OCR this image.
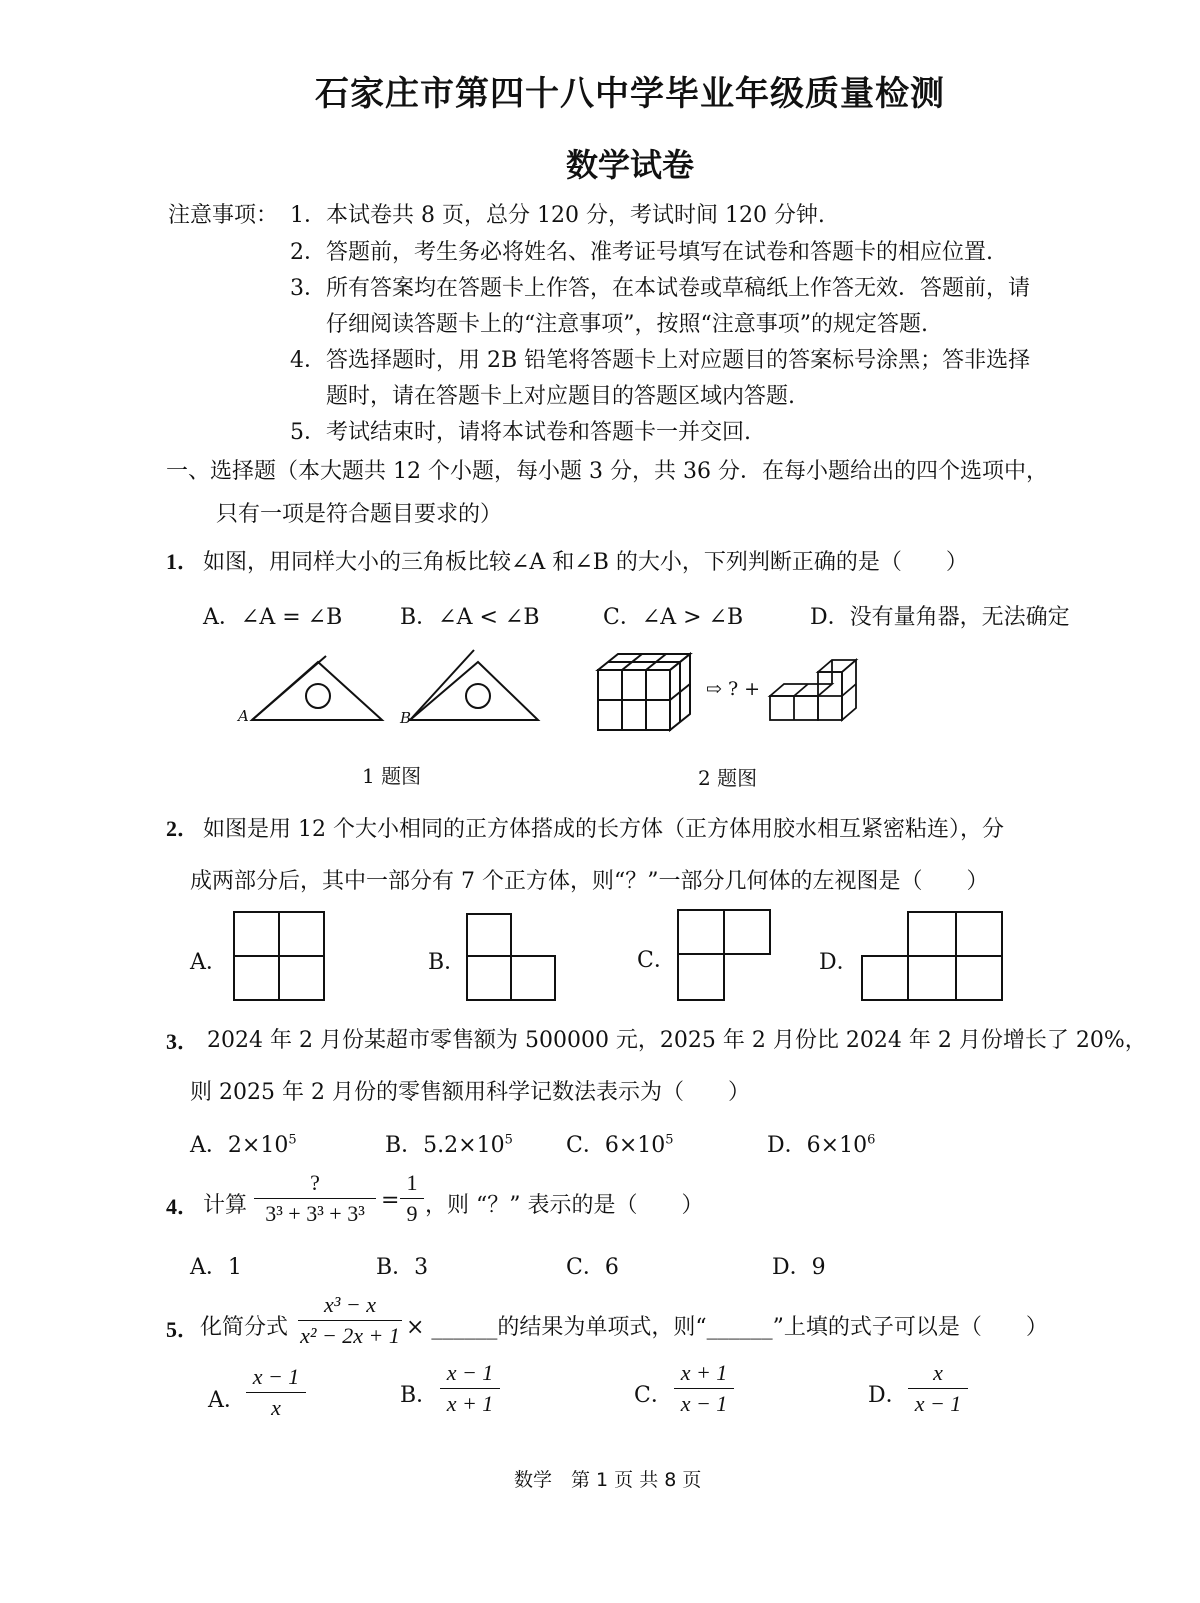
石家庄市第四十八中学毕业年级质量检测
数学试卷
注意事项： 1．本试卷共 8 页，总分 120 分，考试时间 120 分钟.
2．答题前，考生务必将姓名、准考证号填写在试卷和答题卡的相应位置.
3．所有答案均在答题卡上作答，在本试卷或草稿纸上作答无效．答题前，请
仔细阅读答题卡上的“注意事项”，按照“注意事项”的规定答题.
4．答选择题时，用 2B 铅笔将答题卡上对应题目的答案标号涂黑；答非选择
题时，请在答题卡上对应题目的答题区域内答题.
5．考试结束时，请将本试卷和答题卡一并交回.
一、选择题（本大题共 12 个小题，每小题 3 分，共 36 分．在每小题给出的四个选项中，
只有一项是符合题目要求的）
1． 如图，用同样大小的三角板比较∠A 和∠B 的大小，下列判断正确的是（　　）
A．∠A = ∠B	B．∠A < ∠B	C．∠A > ∠B	D．没有量角器，无法确定
A	B
1 题图
⇨ ? +
2 题图
2． 如图是用 12 个大小相同的正方体搭成的长方体（正方体用胶水相互紧密粘连），分
成两部分后，其中一部分有 7 个正方体，则“？”一部分几何体的左视图是（　　）
A．	B．	C．	D．
3． 2024 年 2 月份某超市零售额为 500000 元，2025 年 2 月份比 2024 年 2 月份增长了 20%，
则 2025 年 2 月份的零售额用科学记数法表示为（　　）
A．$2\times 10^5$	B．$5.2\times 10^5$ C．$6\times 10^5$	D．$6\times 10^6$
4． 计算
?
3³ + 3³ + 3³
= $\frac{1}{9}$ ，则 “？” 表示的是（　　）
A．1	B．3	C．6	D．9
5． 化简分式 $\frac{\text{x³ − x}}{\text{x² − 2x + 1}}$ × ______的结果为单项式，则“______”上填的式子可以是（　　）
A． $\frac{x - 1}{x}$	B． $\frac{x - 1}{x + 1}$	C． $\frac{x + 1}{x - 1}$	D． $\frac{x}{x - 1}$
数学　第 1 页 共 8 页
